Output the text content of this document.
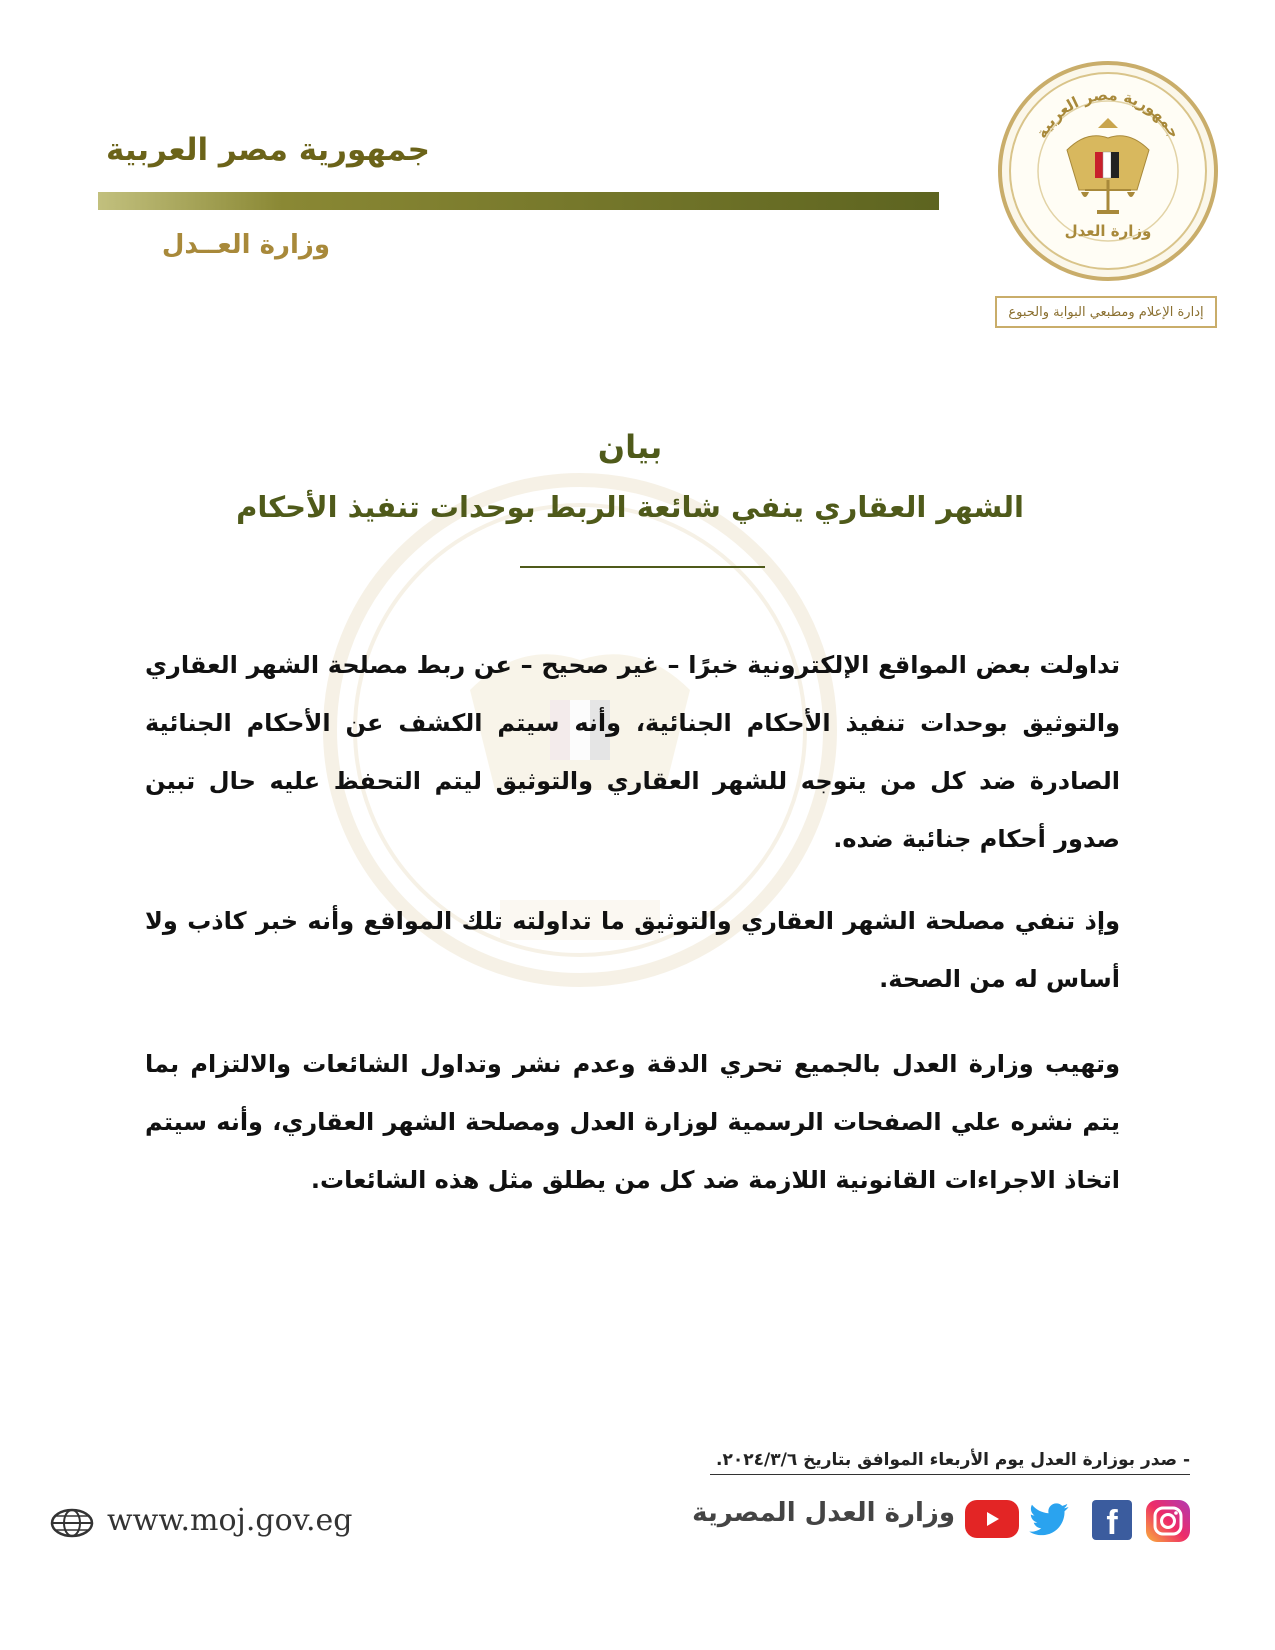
جمهورية مصر العربية
وزارة العــدل
جمهورية مصر العربية
وزارة العدل
إدارة الإعلام ومطبعي البوابة والحبوع
بيان
الشهر العقاري ينفي شائعة الربط بوحدات تنفيذ الأحكام
تداولت بعض المواقع الإلكترونية خبرًا – غير صحيح – عن ربط مصلحة الشهر العقاري والتوثيق بوحدات تنفيذ الأحكام الجنائية، وأنه سيتم الكشف عن الأحكام الجنائية الصادرة ضد كل من يتوجه للشهر العقاري والتوثيق ليتم التحفظ عليه حال تبين صدور أحكام جنائية ضده.
وإذ تنفي مصلحة الشهر العقاري والتوثيق ما تداولته تلك المواقع وأنه خبر كاذب ولا أساس له من الصحة.
وتهيب وزارة العدل بالجميع تحري الدقة وعدم نشر وتداول الشائعات والالتزام بما يتم نشره علي الصفحات الرسمية لوزارة العدل ومصلحة الشهر العقاري، وأنه سيتم اتخاذ الاجراءات القانونية اللازمة ضد كل من يطلق مثل هذه الشائعات.
- صدر بوزارة العدل يوم الأربعاء الموافق بتاريخ ٢٠٢٤/٣/٦.
www.moj.gov.eg	وزارة العدل المصرية	f
